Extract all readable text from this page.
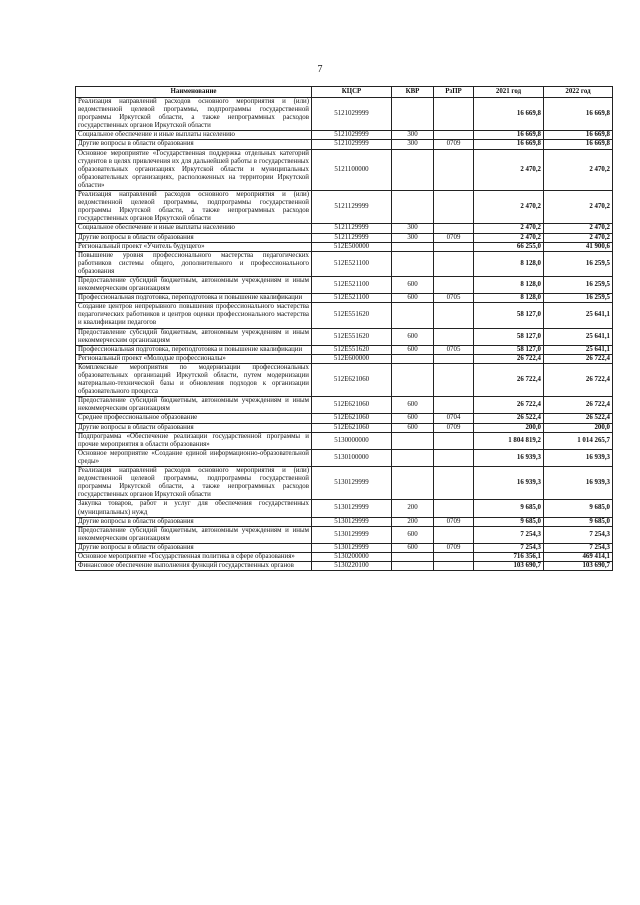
7
Наименование	КЦСР	КВР	РзПР	2021 год	2022 год
Реализация направлений расходов основного мероприятия и (или) ведомственной целевой программы, подпрограммы государственной программы Иркутской области, а также непрограммных расходов государственных органов Иркутской области	5121029999			16 669,8	16 669,8
Социальное обеспечение и иные выплаты населению	5121029999	300		16 669,8	16 669,8
Другие вопросы в области образования	5121029999	300	0709	16 669,8	16 669,8
Основное мероприятие «Государственная поддержка отдельных категорий студентов в целях привлечения их для дальнейшей работы в государственных образовательных организациях Иркутской области и муниципальных образовательных организациях, расположенных на территории Иркутской области»	5121100000			2 470,2	2 470,2
Реализация направлений расходов основного мероприятия и (или) ведомственной целевой программы, подпрограммы государственной программы Иркутской области, а также непрограммных расходов государственных органов Иркутской области	5121129999			2 470,2	2 470,2
Социальное обеспечение и иные выплаты населению	5121129999	300		2 470,2	2 470,2
Другие вопросы в области образования	5121129999	300	0709	2 470,2	2 470,2
Региональный проект «Учитель будущего»	512E500000			66 255,0	41 900,6
Повышение уровня профессионального мастерства педагогических работников системы общего, дополнительного и профессионального образования	512E521100			8 128,0	16 259,5
Предоставление субсидий бюджетным, автономным учреждениям и иным некоммерческим организациям	512E521100	600		8 128,0	16 259,5
Профессиональная подготовка, переподготовка и повышение квалификации	512E521100	600	0705	8 128,0	16 259,5
Создание центров непрерывного повышения профессионального мастерства педагогических работников и центров оценки профессионального мастерства и квалификации педагогов	512E551620			58 127,0	25 641,1
Предоставление субсидий бюджетным, автономным учреждениям и иным некоммерческим организациям	512E551620	600		58 127,0	25 641,1
Профессиональная подготовка, переподготовка и повышение квалификации	512E551620	600	0705	58 127,0	25 641,1
Региональный проект «Молодые профессионалы»	512E600000			26 722,4	26 722,4
Комплексные мероприятия по модернизации профессиональных образовательных организаций Иркутской области, путем модернизации материально-технической базы и обновления подходов к организации образовательного процесса	512E621060			26 722,4	26 722,4
Предоставление субсидий бюджетным, автономным учреждениям и иным некоммерческим организациям	512E621060	600		26 722,4	26 722,4
Среднее профессиональное образование	512E621060	600	0704	26 522,4	26 522,4
Другие вопросы в области образования	512E621060	600	0709	200,0	200,0
Подпрограмма «Обеспечение реализации государственной программы и прочие мероприятия в области образования»	5130000000			1 804 819,2	1 014 265,7
Основное мероприятие «Создание единой информационно-образовательной среды»	5130100000			16 939,3	16 939,3
Реализация направлений расходов основного мероприятия и (или) ведомственной целевой программы, подпрограммы государственной программы Иркутской области, а также непрограммных расходов государственных органов Иркутской области	5130129999			16 939,3	16 939,3
Закупка товаров, работ и услуг для обеспечения государственных (муниципальных) нужд	5130129999	200		9 685,0	9 685,0
Другие вопросы в области образования	5130129999	200	0709	9 685,0	9 685,0
Предоставление субсидий бюджетным, автономным учреждениям и иным некоммерческим организациям	5130129999	600		7 254,3	7 254,3
Другие вопросы в области образования	5130129999	600	0709	7 254,3	7 254,3
Основное мероприятие «Государственная политика в сфере образования»	5130200000			716 356,1	469 414,1
Финансовое обеспечение выполнения функций государственных органов	5130220100			103 690,7	103 690,7
